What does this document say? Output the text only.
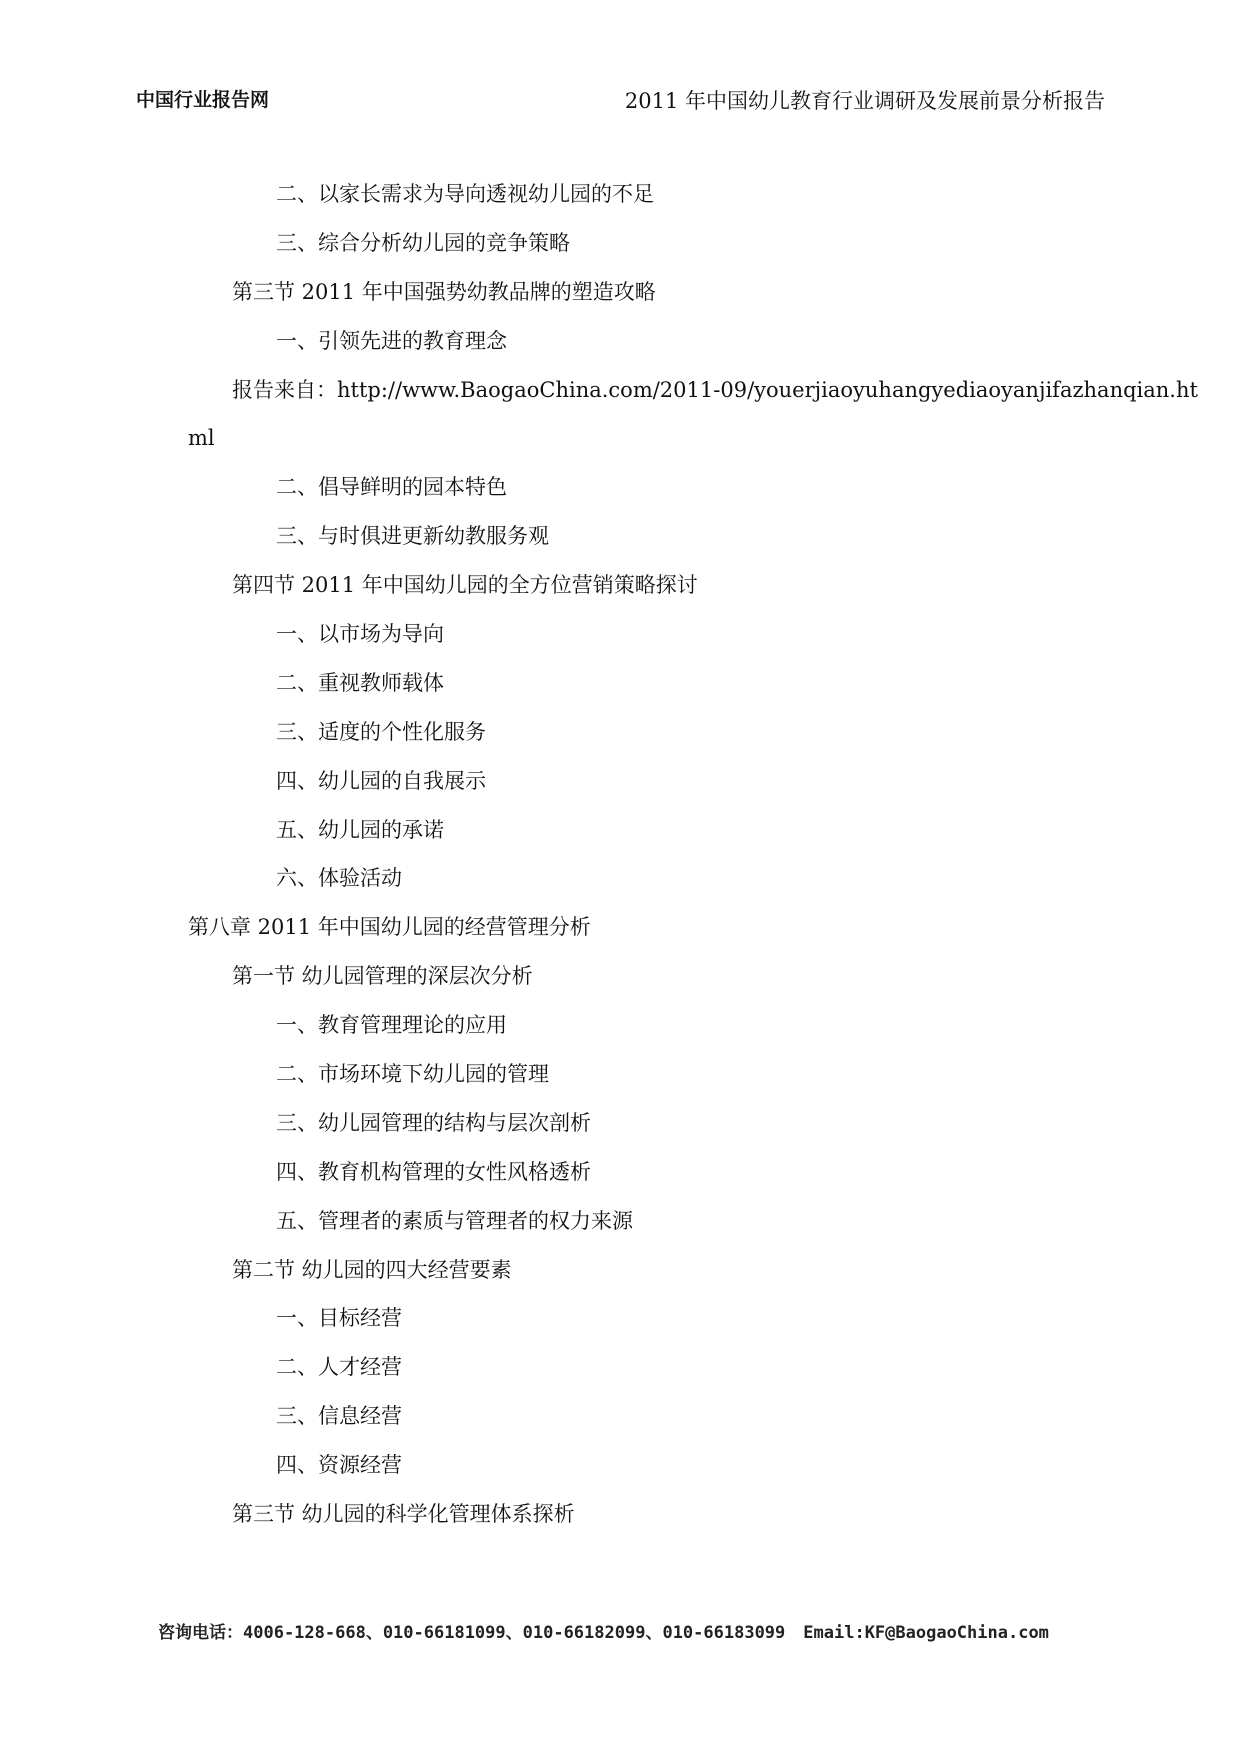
中国行业报告网	2011 年中国幼儿教育行业调研及发展前景分析报告
二、以家长需求为导向透视幼儿园的不足
三、综合分析幼儿园的竞争策略
第三节 2011 年中国强势幼教品牌的塑造攻略
一、引领先进的教育理念
报告来自：http://www.BaogaoChina.com/2011-09/youerjiaoyuhangyediaoyanjifazhanqian.ht
ml
二、倡导鲜明的园本特色
三、与时俱进更新幼教服务观
第四节 2011 年中国幼儿园的全方位营销策略探讨
一、以市场为导向
二、重视教师载体
三、适度的个性化服务
四、幼儿园的自我展示
五、幼儿园的承诺
六、体验活动
第八章 2011 年中国幼儿园的经营管理分析
第一节 幼儿园管理的深层次分析
一、教育管理理论的应用
二、市场环境下幼儿园的管理
三、幼儿园管理的结构与层次剖析
四、教育机构管理的女性风格透析
五、管理者的素质与管理者的权力来源
第二节 幼儿园的四大经营要素
一、目标经营
二、人才经营
三、信息经营
四、资源经营
第三节 幼儿园的科学化管理体系探析
咨询电话：4006-128-668、010-66181099、010-66182099、010-66183099 Email:KF@BaogaoChina.com
